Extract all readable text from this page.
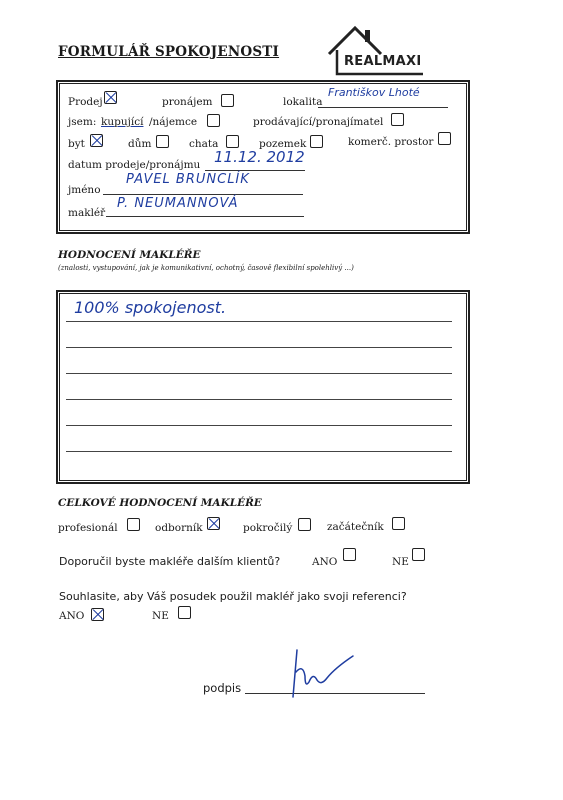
FORMULÁŘ SPOKOJENOSTI
REALMAXI
Prodej	pronájem	lokalita
Františkov Lhoté
jsem: kupující /nájemce	prodávající/pronajímatel
byt	dům	chata	pozemek	komerč. prostor
datum prodeje/pronájmu 11.12. 2012
jméno
PAVEL BRUNCLÍK
makléř
P. NEUMANNOVÁ
HODNOCENÍ MAKLÉŘE
(znalosti, vystupování, jak je komunikativní, ochotný, časově flexibilní spolehlivý ...)
100% spokojenost.
CELKOVÉ HODNOCENÍ MAKLÉŘE
profesionál	odborník	pokročilý	začátečník
Doporučil byste makléře dalším klientů?	ANO	NE
Souhlasite, aby Váš posudek použil makléř jako svoji referenci?
ANO	NE
podpis
